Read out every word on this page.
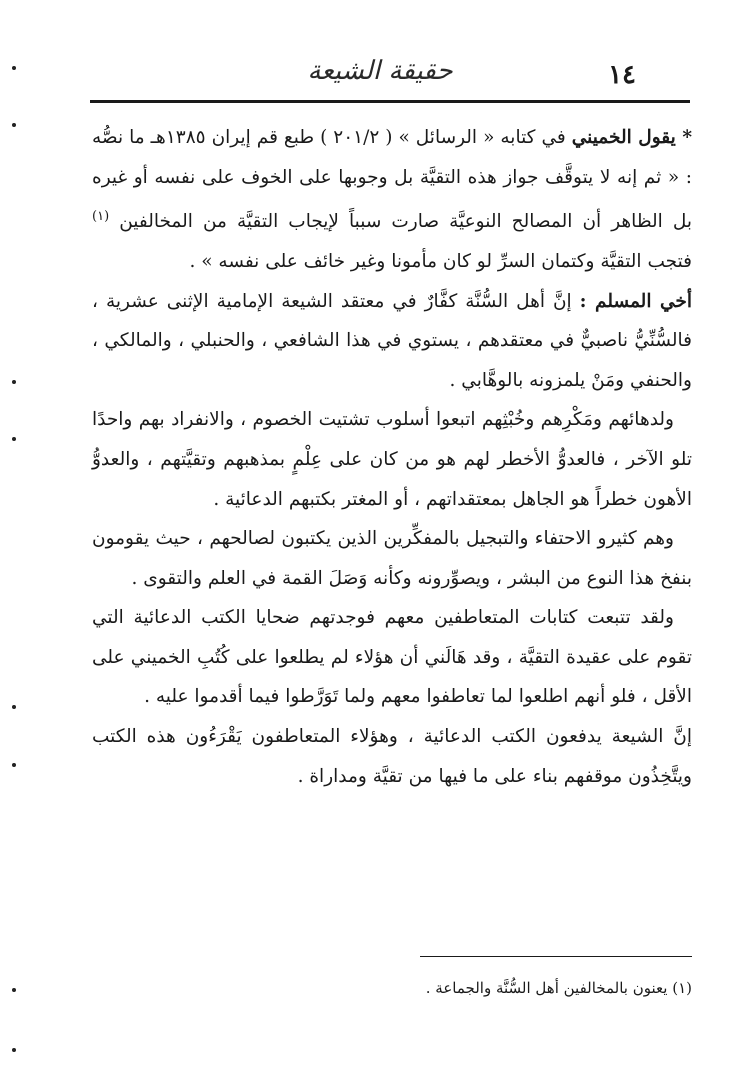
١٤
حقيقة الشيعة

* يقول الخميني في كتابه « الرسائل » ( ٢٠١/٢ ) طبع قم إيران ١٣٨٥هـ ما نصُّه : « ثم إنه لا يتوقَّف جواز هذه التقيَّة بل وجوبها على الخوف على نفسه أو غيره بل الظاهر أن المصالح النوعيَّة صارت سبباً لإيجاب التقيَّة من المخالفين $^{(١)}$ فتجب التقيَّة وكتمان السرِّ لو كان مأمونا وغير خائف على نفسه » .

أخي المسلم : إنَّ أهل السُّنَّة كفَّارٌ في معتقد الشيعة الإمامية الإثنى عشرية ، فالسُّنِّيُّ ناصبيٌّ في معتقدهم ، يستوي في هذا الشافعي ، والحنبلي ، والمالكي ، والحنفي ومَنْ يلمزونه بالوهَّابي .

ولدهائهم ومَكْرِهم وخُبْثِهم اتبعوا أسلوب تشتيت الخصوم ، والانفراد بهم واحدًا تلو الآخر ، فالعدوُّ الأخطر لهم هو من كان على عِلْمٍ بمذهبهم وتقيَّتهم ، والعدوُّ الأهون خطراً هو الجاهل بمعتقداتهم ، أو المغتر بكتبهم الدعائية .

وهم كثيرو الاحتفاء والتبجيل بالمفكِّرين الذين يكتبون لصالحهم ، حيث يقومون بنفخ هذا النوع من البشر ، ويصوِّرونه وكأنه وَصَلَ القمة في العلم والتقوى .

ولقد تتبعت كتابات المتعاطفين معهم فوجدتهم ضحايا الكتب الدعائية التي تقوم على عقيدة التقيَّة ، وقد هَالَني أن هؤلاء لم يطلعوا على كُتُبِ الخميني على الأقل ، فلو أنهم اطلعوا لما تعاطفوا معهم ولما تَوَرَّطوا فيما أقدموا عليه .

إنَّ الشيعة يدفعون الكتب الدعائية ، وهؤلاء المتعاطفون يَقْرَءُون هذه الكتب ويتَّخِذُون موقفهم بناء على ما فيها من تقيَّة ومداراة .

(١) يعنون بالمخالفين أهل السُّنَّة والجماعة .
